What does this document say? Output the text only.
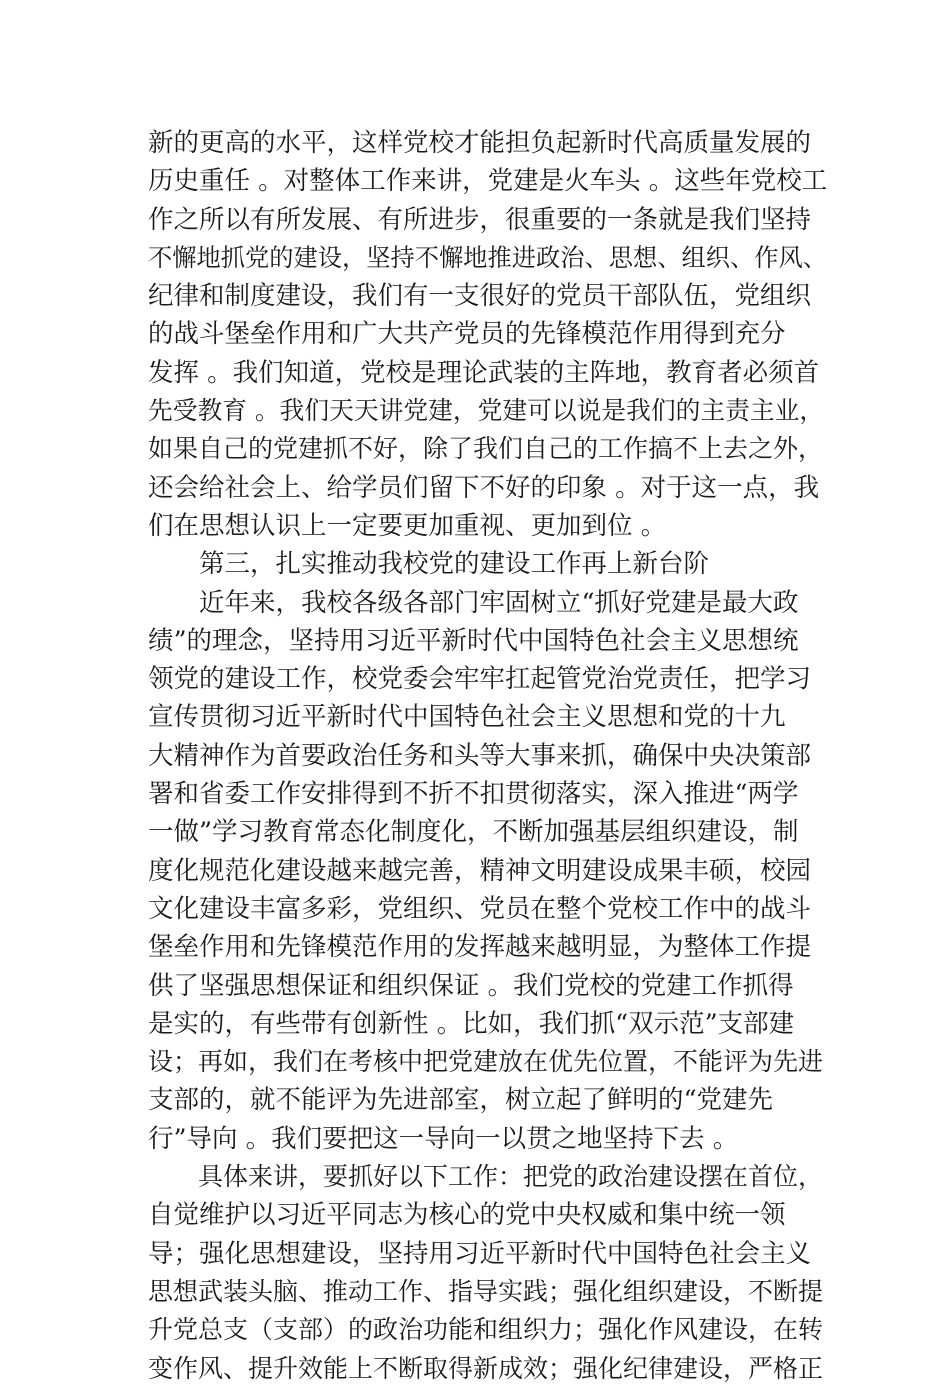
新的更高的水平，这样党校才能担负起新时代高质量发展的
历史重任 。对整体工作来讲，党建是火车头 。这些年党校工
作之所以有所发展、有所进步，很重要的一条就是我们坚持
不懈地抓党的建设，坚持不懈地推进政治、思想、组织、作风、
纪律和制度建设，我们有一支很好的党员干部队伍，党组织
的战斗堡垒作用和广大共产党员的先锋模范作用得到充分
发挥 。我们知道，党校是理论武装的主阵地，教育者必须首
先受教育 。我们天天讲党建，党建可以说是我们的主责主业，
如果自己的党建抓不好，除了我们自己的工作搞不上去之外，
还会给社会上、给学员们留下不好的印象 。对于这一点，我
们在思想认识上一定要更加重视、更加到位 。
　　第三，扎实推动我校党的建设工作再上新台阶
　　近年来，我校各级各部门牢固树立“抓好党建是最大政
绩”的理念，坚持用习近平新时代中国特色社会主义思想统
领党的建设工作，校党委会牢牢扛起管党治党责任，把学习
宣传贯彻习近平新时代中国特色社会主义思想和党的十九
大精神作为首要政治任务和头等大事来抓，确保中央决策部
署和省委工作安排得到不折不扣贯彻落实，深入推进“两学
一做”学习教育常态化制度化，不断加强基层组织建设，制
度化规范化建设越来越完善，精神文明建设成果丰硕，校园
文化建设丰富多彩，党组织、党员在整个党校工作中的战斗
堡垒作用和先锋模范作用的发挥越来越明显，为整体工作提
供了坚强思想保证和组织保证 。我们党校的党建工作抓得
是实的，有些带有创新性 。比如，我们抓“双示范”支部建
设；再如，我们在考核中把党建放在优先位置，不能评为先进
支部的，就不能评为先进部室，树立起了鲜明的“党建先
行”导向 。我们要把这一导向一以贯之地坚持下去 。
　　具体来讲，要抓好以下工作：把党的政治建设摆在首位，
自觉维护以习近平同志为核心的党中央权威和集中统一领
导；强化思想建设，坚持用习近平新时代中国特色社会主义
思想武装头脑、推动工作、指导实践；强化组织建设，不断提
升党总支（支部）的政治功能和组织力；强化作风建设，在转
变作风、提升效能上不断取得新成效；强化纪律建设，严格正
